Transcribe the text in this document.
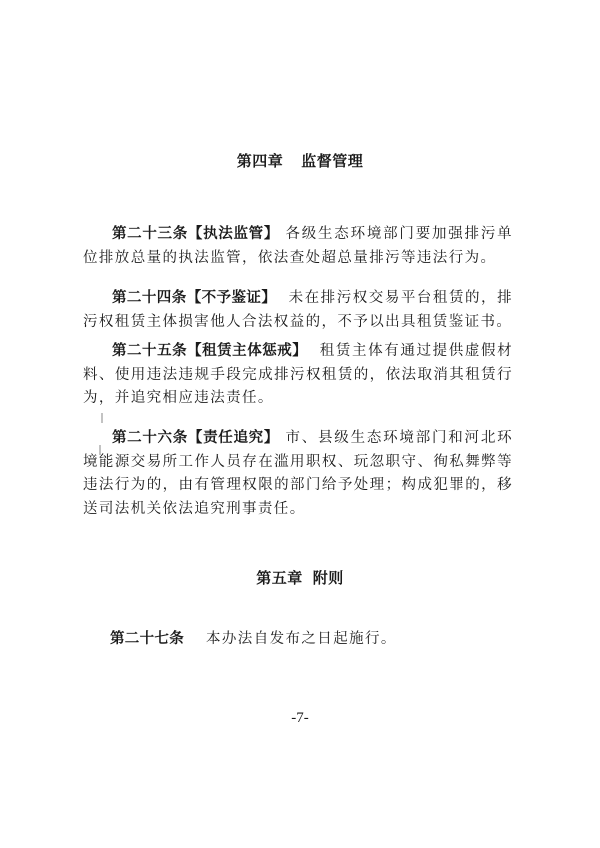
第四章 监督管理
第二十三条【执法监管】 各级生态环境部门要加强排污单位排放总量的执法监管，依法查处超总量排污等违法行为。
第二十四条【不予鉴证】 未在排污权交易平台租赁的，排污权租赁主体损害他人合法权益的，不予以出具租赁鉴证书。
第二十五条【租赁主体惩戒】 租赁主体有通过提供虚假材料、使用违法违规手段完成排污权租赁的，依法取消其租赁行为，并追究相应违法责任。
第二十六条【责任追究】 市、县级生态环境部门和河北环境能源交易所工作人员存在滥用职权、玩忽职守、徇私舞弊等违法行为的，由有管理权限的部门给予处理；构成犯罪的，移送司法机关依法追究刑事责任。
第五章 附则
第二十七条 本办法自发布之日起施行。
-7-
